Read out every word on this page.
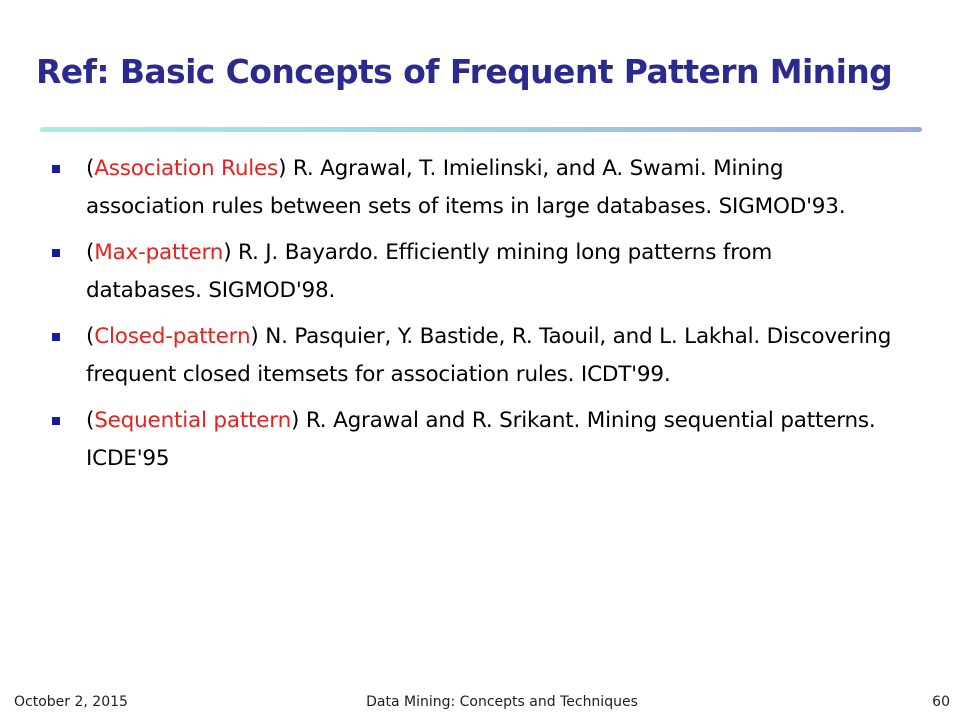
Ref: Basic Concepts of Frequent Pattern Mining
(Association Rules) R. Agrawal, T. Imielinski, and A. Swami. Mining association rules between sets of items in large databases. SIGMOD'93.
(Max-pattern) R. J. Bayardo. Efficiently mining long patterns from databases. SIGMOD'98.
(Closed-pattern) N. Pasquier, Y. Bastide, R. Taouil, and L. Lakhal. Discovering frequent closed itemsets for association rules. ICDT'99.
(Sequential pattern) R. Agrawal and R. Srikant. Mining sequential patterns. ICDE'95
October 2, 2015	Data Mining: Concepts and Techniques	60
